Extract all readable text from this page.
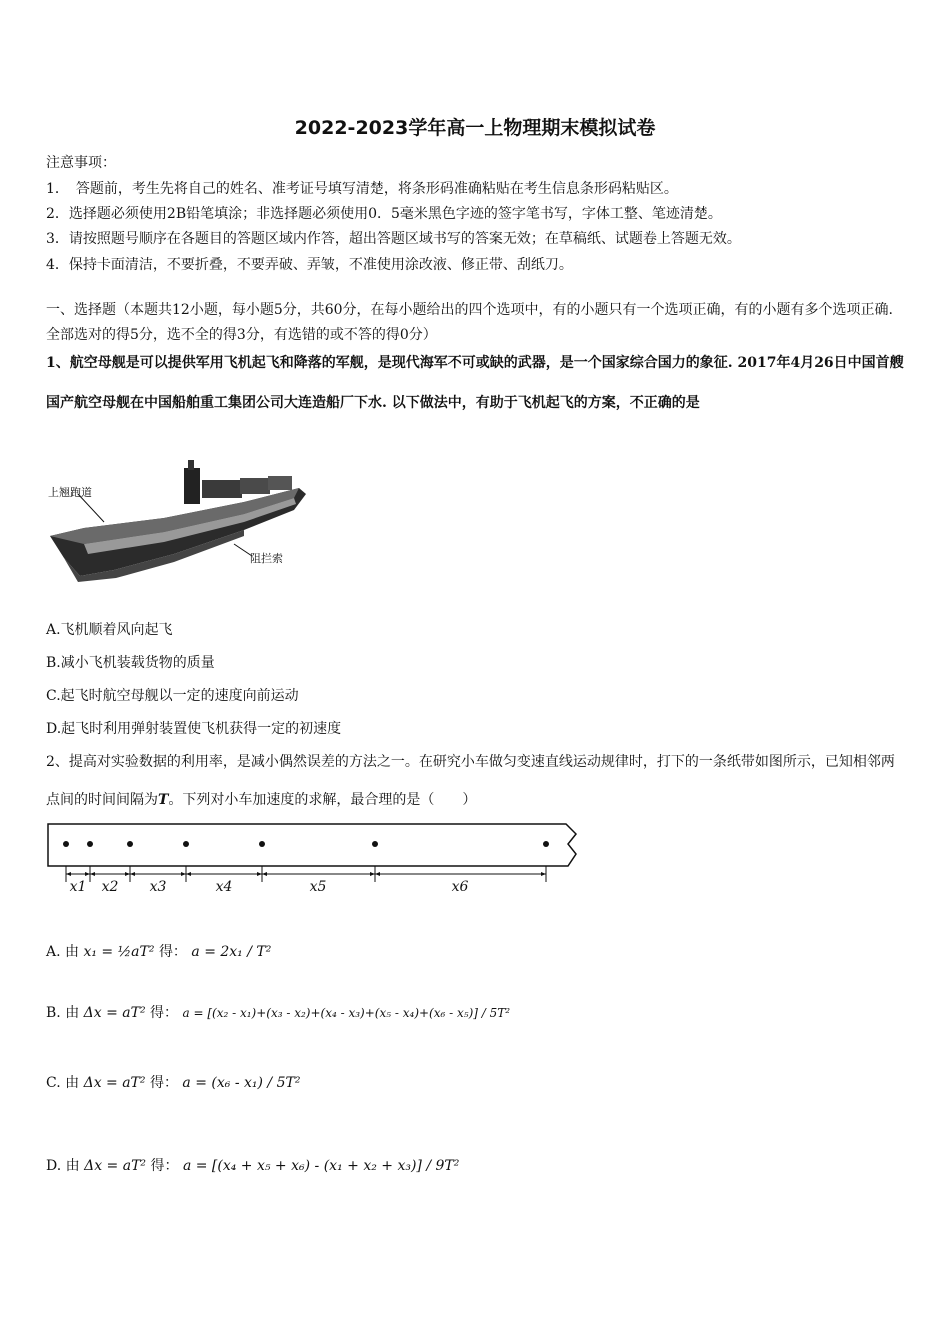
2022-2023学年高一上物理期末模拟试卷
注意事项：
1．　答题前，考生先将自己的姓名、准考证号填写清楚，将条形码准确粘贴在考生信息条形码粘贴区。
2．选择题必须使用2B铅笔填涂；非选择题必须使用0．5毫米黑色字迹的签字笔书写，字体工整、笔迹清楚。
3．请按照题号顺序在各题目的答题区域内作答，超出答题区域书写的答案无效；在草稿纸、试题卷上答题无效。
4．保持卡面清洁，不要折叠，不要弄破、弄皱，不准使用涂改液、修正带、刮纸刀。
一、选择题（本题共12小题，每小题5分，共60分，在每小题给出的四个选项中，有的小题只有一个选项正确，有的小题有多个选项正确.全部选对的得5分，选不全的得3分，有选错的或不答的得0分）
1、航空母舰是可以提供军用飞机起飞和降落的军舰，是现代海军不可或缺的武器，是一个国家综合国力的象征. 2017年4月26日中国首艘国产航空母舰在中国船舶重工集团公司大连造船厂下水. 以下做法中，有助于飞机起飞的方案，不正确的是
上翘跑道
阻拦索
A.飞机顺着风向起飞
B.减小飞机装载货物的质量
C.起飞时航空母舰以一定的速度向前运动
D.起飞时利用弹射装置使飞机获得一定的初速度
2、提高对实验数据的利用率，是减小偶然误差的方法之一。在研究小车做匀变速直线运动规律时，打下的一条纸带如图所示，已知相邻两点间的时间间隔为T。下列对小车加速度的求解，最合理的是（　　）
x1 x2 x3	x4	x5	x6
A. 由 x₁ = ½aT² 得： a = 2x₁ / T²
B. 由 Δx = aT² 得： a = [(x₂ - x₁)+(x₃ - x₂)+(x₄ - x₃)+(x₅ - x₄)+(x₆ - x₅)] / 5T²
C. 由 Δx = aT² 得： a = (x₆ - x₁) / 5T²
D. 由 Δx = aT² 得： a = [(x₄ + x₅ + x₆) - (x₁ + x₂ + x₃)] / 9T²
